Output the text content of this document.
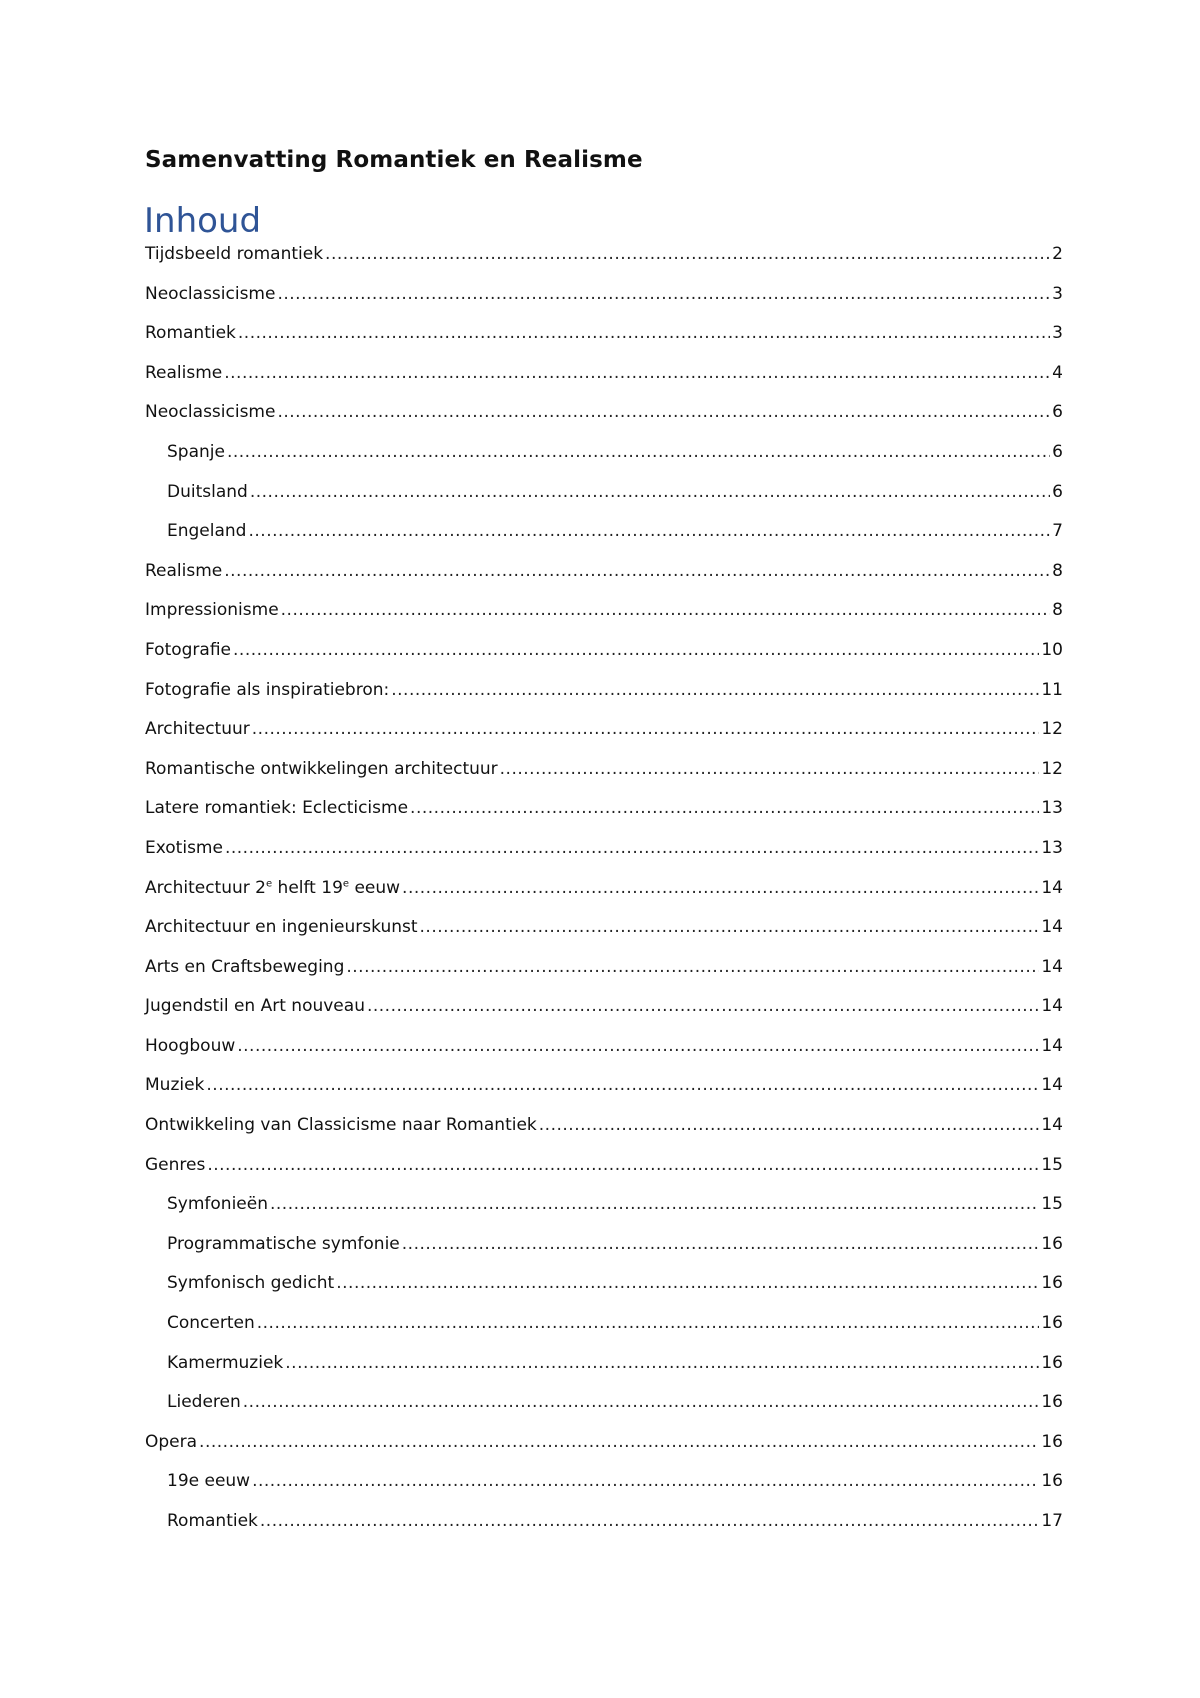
Samenvatting Romantiek en Realisme
Inhoud
Tijdsbeeld romantiek .....	2
Neoclassicisme .....	3
Romantiek .....	3
Realisme .....	4
Neoclassicisme .....	6
Spanje .....	6
Duitsland .....	6
Engeland .....	7
Realisme .....	8
Impressionisme .....	8
Fotografie .....	10
Fotografie als inspiratiebron: .....	11
Architectuur .....	12
Romantische ontwikkelingen architectuur .....	12
Latere romantiek: Eclecticisme .....	13
Exotisme .....	13
Architectuur 2e helft 19e eeuw .....	14
Architectuur en ingenieurskunst .....	14
Arts en Craftsbeweging .....	14
Jugendstil en Art nouveau .....	14
Hoogbouw .....	14
Muziek .....	14
Ontwikkeling van Classicisme naar Romantiek .....	14
Genres .....	15
Symfonieën .....	15
Programmatische symfonie .....	16
Symfonisch gedicht .....	16
Concerten .....	16
Kamermuziek .....	16
Liederen .....	16
Opera .....	16
19e eeuw .....	16
Romantiek .....	17
